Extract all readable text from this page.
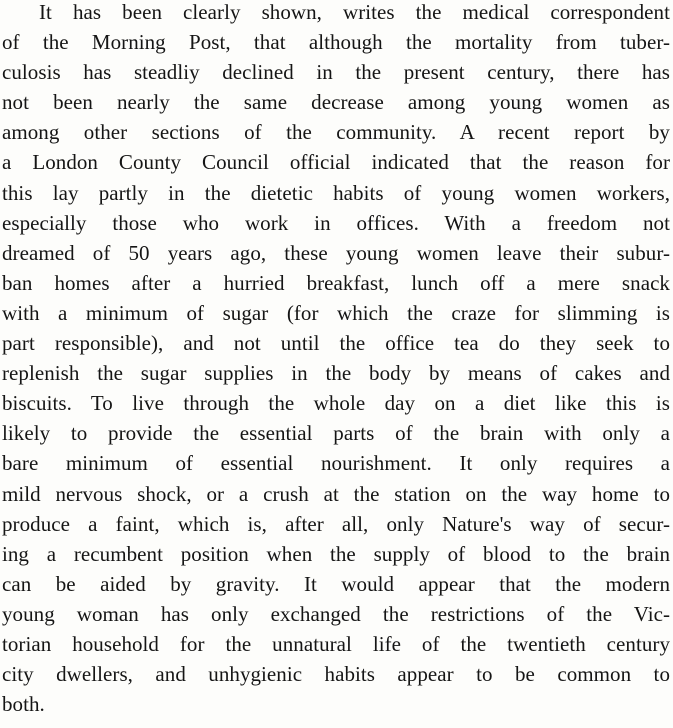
It has been clearly shown, writes the medical correspondent
of the Morning Post, that although the mortality from tuber-
culosis has steadliy declined in the present century, there has
not been nearly the same decrease among young women as
among other sections of the community. A recent report by
a London County Council official indicated that the reason for
this lay partly in the dietetic habits of young women workers,
especially those who work in offices. With a freedom not
dreamed of 50 years ago, these young women leave their subur-
ban homes after a hurried breakfast, lunch off a mere snack
with a minimum of sugar (for which the craze for slimming is
part responsible), and not until the office tea do they seek to
replenish the sugar supplies in the body by means of cakes and
biscuits. To live through the whole day on a diet like this is
likely to provide the essential parts of the brain with only a
bare minimum of essential nourishment. It only requires a
mild nervous shock, or a crush at the station on the way home to
produce a faint, which is, after all, only Nature's way of secur-
ing a recumbent position when the supply of blood to the brain
can be aided by gravity. It would appear that the modern
young woman has only exchanged the restrictions of the Vic-
torian household for the unnatural life of the twentieth century
city dwellers, and unhygienic habits appear to be common to
both.
